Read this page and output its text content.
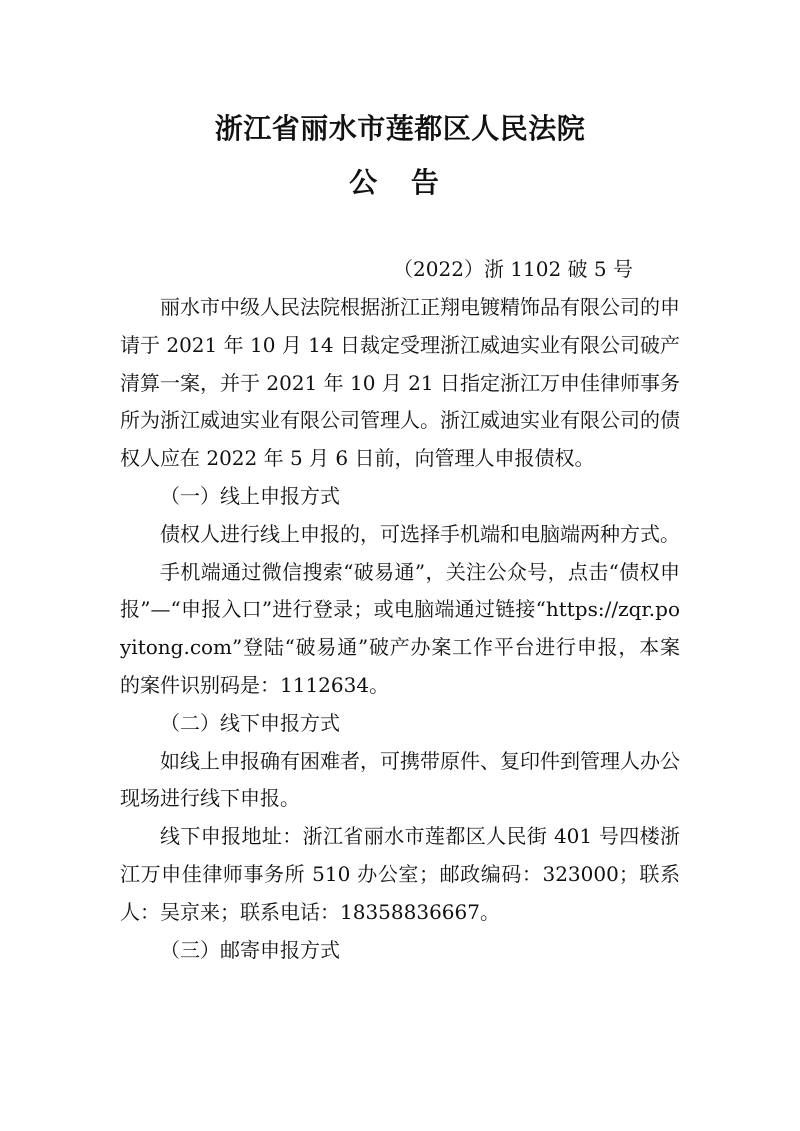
浙江省丽水市莲都区人民法院
公 告

（2022）浙 1102 破 5 号

丽水市中级人民法院根据浙江正翔电镀精饰品有限公司的申请于 2021 年 10 月 14 日裁定受理浙江威迪实业有限公司破产清算一案，并于 2021 年 10 月 21 日指定浙江万申佳律师事务所为浙江威迪实业有限公司管理人。浙江威迪实业有限公司的债权人应在 2022 年 5 月 6 日前，向管理人申报债权。

（一）线上申报方式

债权人进行线上申报的，可选择手机端和电脑端两种方式。

手机端通过微信搜索“破易通”，关注公众号，点击“债权申报”—“申报入口”进行登录；或电脑端通过链接“https://zqr.poyitong.com”登陆“破易通”破产办案工作平台进行申报，本案的案件识别码是：1112634。

（二）线下申报方式

如线上申报确有困难者，可携带原件、复印件到管理人办公现场进行线下申报。

线下申报地址：浙江省丽水市莲都区人民街 401 号四楼浙江万申佳律师事务所 510 办公室；邮政编码：323000；联系人：吴京来；联系电话：18358836667。

（三）邮寄申报方式
